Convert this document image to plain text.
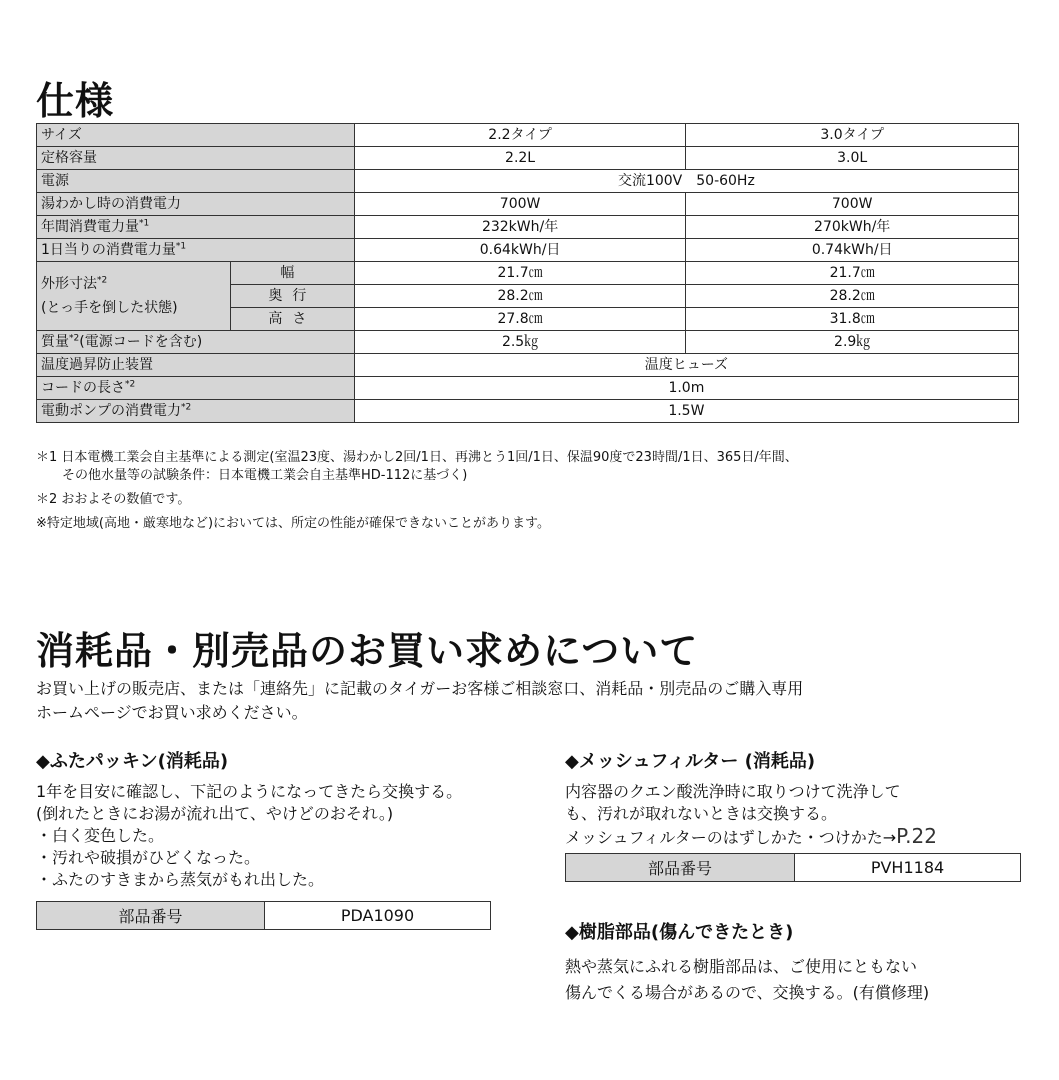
仕様
サイズ		2.2タイプ	3.0タイプ
定格容量		2.2L	3.0L
電源		交流100V　50-60Hz	
湯わかし時の消費電力		700W	700W
年間消費電力量$^{*1}$		232kWh/年	270kWh/年
1日当りの消費電力量$^{*1}$		0.64kWh/日	0.74kWh/日
外形寸法$^{*2}$
(とっ手を倒した状態)	幅	21.7㎝	21.7㎝
	奥行	28.2㎝	28.2㎝
	高さ	27.8㎝	31.8㎝
質量$^{*2}$(電源コードを含む)		2.5㎏	2.9㎏
温度過昇防止装置		温度ヒューズ	
コードの長さ$^{*2}$		1.0m	
電動ポンプの消費電力$^{*2}$		1.5W	

＊1 日本電機工業会自主基準による測定(室温23度、湯わかし2回/1日、再沸とう1回/1日、保温90度で23時間/1日、365日/年間、

　　その他水量等の試験条件：日本電機工業会自主基準HD-112に基づく)

＊2 おおよその数値です。

※特定地域(高地・厳寒地など)においては、所定の性能が確保できないことがあります。

消耗品・別売品のお買い求めについて
お買い上げの販売店、または「連絡先」に記載のタイガーお客様ご相談窓口、消耗品・別売品のご購入専用
ホームページでお買い求めください。

◆ふたパッキン(消耗品)

1年を目安に確認し、下記のようになってきたら交換する。

(倒れたときにお湯が流れ出て、やけどのおそれ。)

・白く変色した。

・汚れや破損がひどくなった。

・ふたのすきまから蒸気がもれ出した。

部品番号	PDA1090

◆メッシュフィルター (消耗品)

内容器のクエン酸洗浄時に取りつけて洗浄して

も、汚れが取れないときは交換する。

メッシュフィルターのはずしかた・つけかた→P.22

部品番号	PVH1184

◆樹脂部品(傷んできたとき)

熱や蒸気にふれる樹脂部品は、ご使用にともない

傷んでくる場合があるので、交換する。(有償修理)
